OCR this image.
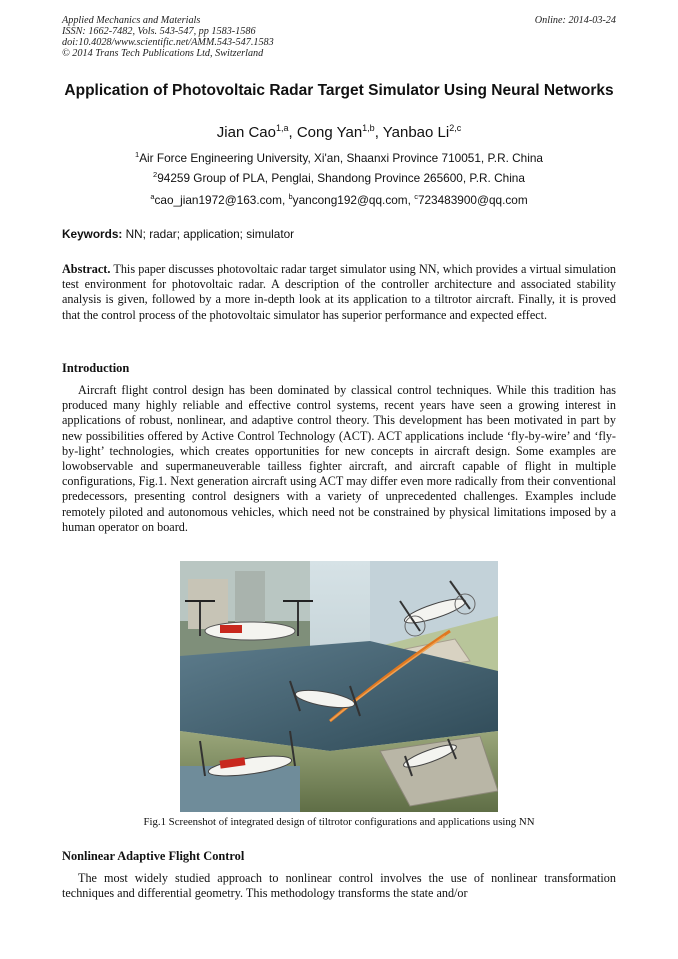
Applied Mechanics and Materials
ISSN: 1662-7482, Vols. 543-547, pp 1583-1586
doi:10.4028/www.scientific.net/AMM.543-547.1583
© 2014 Trans Tech Publications Ltd, Switzerland
Online: 2014-03-24
Application of Photovoltaic Radar Target Simulator Using Neural Networks
Jian Cao$^{1,a}$, Cong Yan$^{1,b}$, Yanbao Li$^{2,c}$
$^1$Air Force Engineering University, Xi'an, Shaanxi Province 710051, P.R. China
$^2$94259 Group of PLA, Penglai, Shandong Province 265600, P.R. China
$^a$cao_jian1972@163.com, $^b$yancong192@qq.com, $^c$723483900@qq.com
Keywords: NN; radar; application; simulator
Abstract. This paper discusses photovoltaic radar target simulator using NN, which provides a virtual simulation test environment for photovoltaic radar. A description of the controller architecture and associated stability analysis is given, followed by a more in-depth look at its application to a tiltrotor aircraft. Finally, it is proved that the control process of the photovoltaic simulator has superior performance and expected effect.
Introduction
Aircraft flight control design has been dominated by classical control techniques. While this tradition has produced many highly reliable and effective control systems, recent years have seen a growing interest in applications of robust, nonlinear, and adaptive control theory. This development has been motivated in part by new possibilities offered by Active Control Technology (ACT). ACT applications include ‘fly-by-wire’ and ‘fly-by-light’ technologies, which creates opportunities for new concepts in aircraft design. Some examples are lowobservable and supermaneuverable tailless fighter aircraft, and aircraft capable of flight in multiple configurations, Fig.1. Next generation aircraft using ACT may differ even more radically from their conventional predecessors, presenting control designers with a variety of unprecedented challenges. Examples include remotely piloted and autonomous vehicles, which need not be constrained by physical limitations imposed by a human operator on board.
Fig.1 Screenshot of integrated design of tiltrotor configurations and applications using NN
Nonlinear Adaptive Flight Control
The most widely studied approach to nonlinear control involves the use of nonlinear transformation techniques and differential geometry. This methodology transforms the state and/or
